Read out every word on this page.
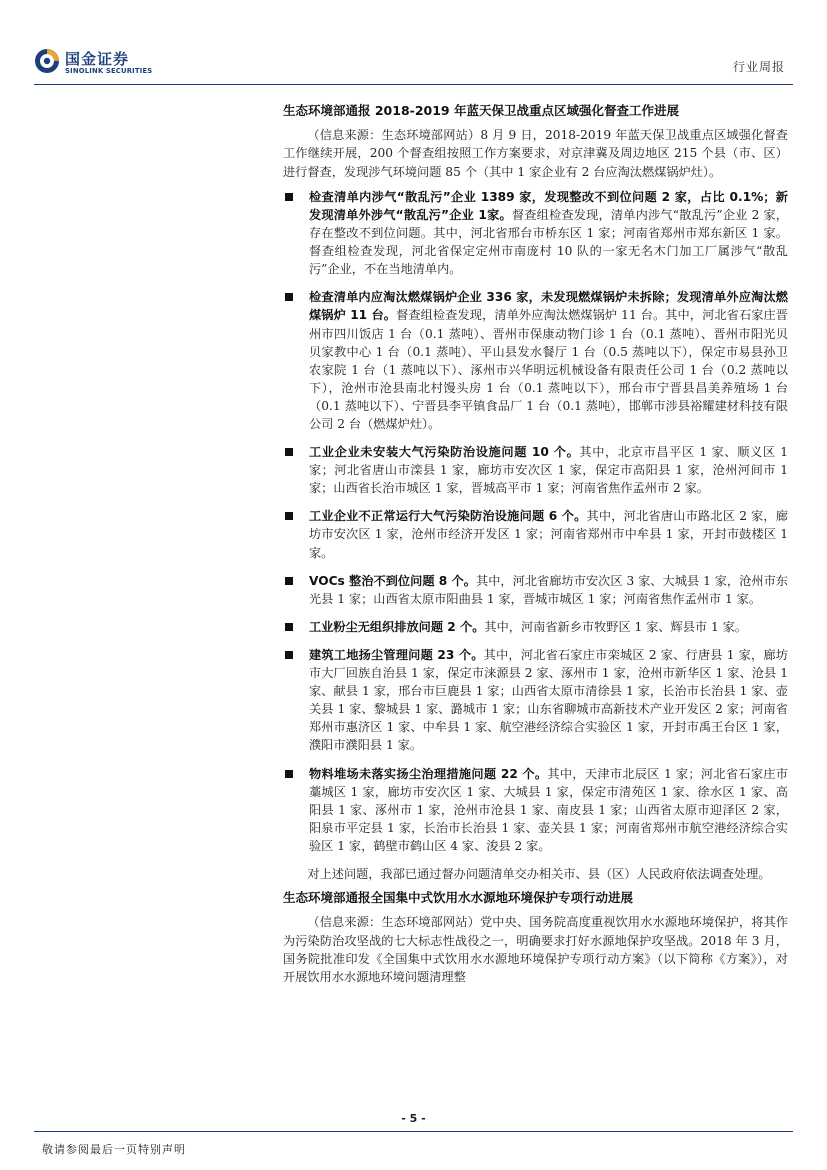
国金证券
SINOLINK SECURITIES	行业周报
生态环境部通报 2018-2019 年蓝天保卫战重点区域强化督查工作进展

（信息来源：生态环境部网站）8 月 9 日，2018-2019 年蓝天保卫战重点区域强化督查工作继续开展，200 个督查组按照工作方案要求，对京津冀及周边地区 215 个县（市、区）进行督查，发现涉气环境问题 85 个（其中 1 家企业有 2 台应淘汰燃煤锅炉灶）。

检查清单内涉气“散乱污”企业 1389 家，发现整改不到位问题 2 家，占比 0.1%；新发现清单外涉气“散乱污”企业 1家。督查组检查发现，清单内涉气“散乱污”企业 2 家，存在整改不到位问题。其中，河北省邢台市桥东区 1 家；河南省郑州市郑东新区 1 家。督查组检查发现，河北省保定定州市南庞村 10 队的一家无名木门加工厂属涉气“散乱污”企业，不在当地清单内。
检查清单内应淘汰燃煤锅炉企业 336 家，未发现燃煤锅炉未拆除；发现清单外应淘汰燃煤锅炉 11 台。督查组检查发现，清单外应淘汰燃煤锅炉 11 台。其中，河北省石家庄晋州市四川饭店 1 台（0.1 蒸吨）、晋州市保康动物门诊 1 台（0.1 蒸吨）、晋州市阳光贝贝家教中心 1 台（0.1 蒸吨）、平山县发水餐厅 1 台（0.5 蒸吨以下），保定市易县孙卫农家院 1 台（1 蒸吨以下）、涿州市兴华明远机械设备有限责任公司 1 台（0.2 蒸吨以下），沧州市沧县南北村馒头房 1 台（0.1 蒸吨以下），邢台市宁晋县昌美养殖场 1 台（0.1 蒸吨以下）、宁晋县李平镇食品厂 1 台（0.1 蒸吨），邯郸市涉县裕耀建材科技有限公司 2 台（燃煤炉灶）。
工业企业未安装大气污染防治设施问题 10 个。其中，北京市昌平区 1 家、顺义区 1 家；河北省唐山市滦县 1 家，廊坊市安次区 1 家，保定市高阳县 1 家，沧州河间市 1 家；山西省长治市城区 1 家，晋城高平市 1 家；河南省焦作孟州市 2 家。
工业企业不正常运行大气污染防治设施问题 6 个。其中，河北省唐山市路北区 2 家，廊坊市安次区 1 家，沧州市经济开发区 1 家；河南省郑州市中牟县 1 家，开封市鼓楼区 1 家。
VOCs 整治不到位问题 8 个。其中，河北省廊坊市安次区 3 家、大城县 1 家，沧州市东光县 1 家；山西省太原市阳曲县 1 家，晋城市城区 1 家；河南省焦作孟州市 1 家。
工业粉尘无组织排放问题 2 个。其中，河南省新乡市牧野区 1 家、辉县市 1 家。
建筑工地扬尘管理问题 23 个。其中，河北省石家庄市栾城区 2 家、行唐县 1 家，廊坊市大厂回族自治县 1 家，保定市涞源县 2 家、涿州市 1 家，沧州市新华区 1 家、沧县 1 家、献县 1 家，邢台市巨鹿县 1 家；山西省太原市清徐县 1 家，长治市长治县 1 家、壶关县 1 家、黎城县 1 家、潞城市 1 家；山东省聊城市高新技术产业开发区 2 家；河南省郑州市惠济区 1 家、中牟县 1 家、航空港经济综合实验区 1 家，开封市禹王台区 1 家，濮阳市濮阳县 1 家。
物料堆场未落实扬尘治理措施问题 22 个。其中，天津市北辰区 1 家；河北省石家庄市藁城区 1 家，廊坊市安次区 1 家、大城县 1 家，保定市清苑区 1 家、徐水区 1 家、高阳县 1 家、涿州市 1 家，沧州市沧县 1 家、南皮县 1 家；山西省太原市迎泽区 2 家，阳泉市平定县 1 家，长治市长治县 1 家、壶关县 1 家；河南省郑州市航空港经济综合实验区 1 家，鹤壁市鹤山区 4 家、浚县 2 家。

对上述问题，我部已通过督办问题清单交办相关市、县（区）人民政府依法调查处理。

生态环境部通报全国集中式饮用水水源地环境保护专项行动进展

（信息来源：生态环境部网站）党中央、国务院高度重视饮用水水源地环境保护，将其作为污染防治攻坚战的七大标志性战役之一，明确要求打好水源地保护攻坚战。2018 年 3 月，国务院批准印发《全国集中式饮用水水源地环境保护专项行动方案》（以下简称《方案》），对开展饮用水水源地环境问题清理整

- 5 -
敬请参阅最后一页特别声明
